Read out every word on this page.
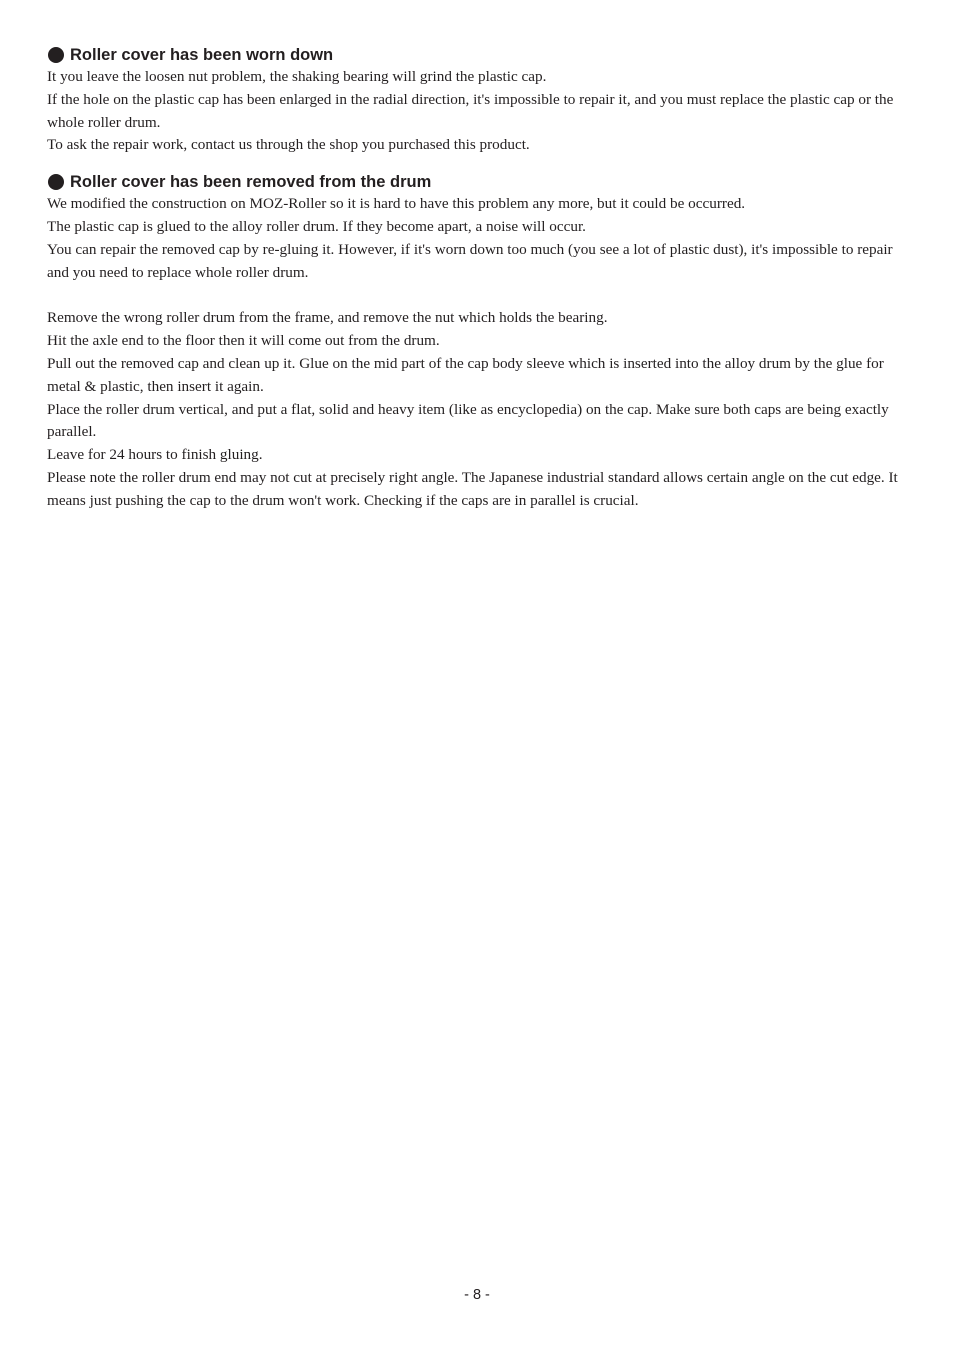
Roller cover has been worn down

It you leave the loosen nut problem, the shaking bearing will grind the plastic cap.

If the hole on the plastic cap has been enlarged in the radial direction, it's impossible to repair it, and you must replace the plastic cap or the whole roller drum.

To ask the repair work, contact us through the shop you purchased this product.

Roller cover has been removed from the drum

We modified the construction on MOZ-Roller so it is hard to have this problem any more, but it could be occurred.

The plastic cap is glued to the alloy roller drum. If they become apart, a noise will occur.

You can repair the removed cap by re-gluing it. However, if it's worn down too much (you see a lot of plastic dust), it's impossible to repair and you need to replace whole roller drum.

Remove the wrong roller drum from the frame, and remove the nut which holds the bearing.

Hit the axle end to the floor then it will come out from the drum.

Pull out the removed cap and clean up it. Glue on the mid part of the cap body sleeve which is inserted into the alloy drum by the glue for metal & plastic, then insert it again.

Place the roller drum vertical, and put a flat, solid and heavy item (like as encyclopedia) on the cap. Make sure both caps are being exactly parallel.

Leave for 24 hours to finish gluing.

Please note the roller drum end may not cut at precisely right angle. The Japanese industrial standard allows certain angle on the cut edge. It means just pushing the cap to the drum won't work. Checking if the caps are in parallel is crucial.

- 8 -
